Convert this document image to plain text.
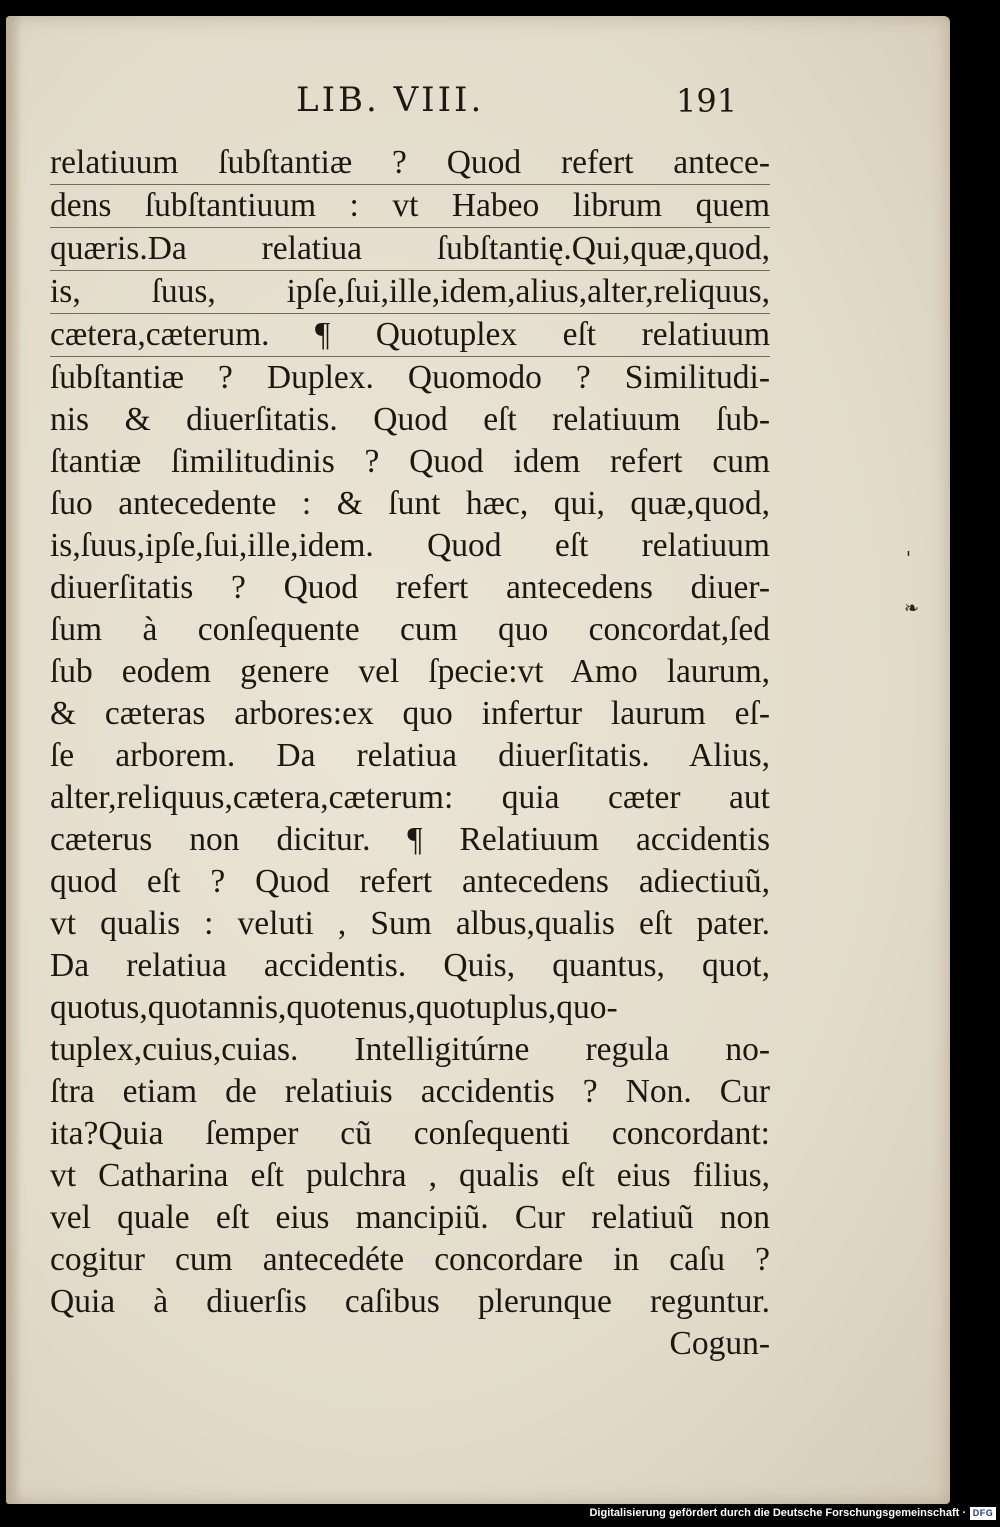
LIB. VIII.	191
relatiuum ſubſtantiæ ? Quod refert antece-
dens ſubſtantiuum : vt Habeo librum quem
quæris.Da relatiua ſubſtantię.Qui,quæ,quod,
is, ſuus, ipſe,ſui,ille,idem,alius,alter,reliquus,
cætera,cæterum. ¶ Quotuplex eſt relatiuum
ſubſtantiæ ? Duplex. Quomodo ? Similitudi-
nis & diuerſitatis. Quod eſt relatiuum ſub-
ſtantiæ ſimilitudinis ? Quod idem refert cum
ſuo antecedente : & ſunt hæc, qui, quæ,quod,
is,ſuus,ipſe,ſui,ille,idem. Quod eſt relatiuum
diuerſitatis ? Quod refert antecedens diuer-
ſum à conſequente cum quo concordat,ſed
ſub eodem genere vel ſpecie:vt Amo laurum,
& cæteras arbores:ex quo infertur laurum eſ-
ſe arborem. Da relatiua diuerſitatis. Alius,
alter,reliquus,cætera,cæterum: quia cæter aut
cæterus non dicitur. ¶ Relatiuum accidentis
quod eſt ? Quod refert antecedens adiectiuũ,
vt qualis : veluti , Sum albus,qualis eſt pater.
Da relatiua accidentis. Quis, quantus, quot,
quotus,quotannis,quotenus,quotuplus,quo-
tuplex,cuius,cuias. Intelligitúrne regula no-
ſtra etiam de relatiuis accidentis ? Non. Cur
ita?Quia ſemper cũ conſequenti concordant:
vt Catharina eſt pulchra , qualis eſt eius filius,
vel quale eſt eius mancipiũ. Cur relatiuũ non
cogitur cum antecedéte concordare in caſu ?
Quia à diuerſis caſibus plerunque reguntur.
Cogun-
'
❧
Digitalisierung gefördert durch die Deutsche Forschungsgemeinschaft · DFG
